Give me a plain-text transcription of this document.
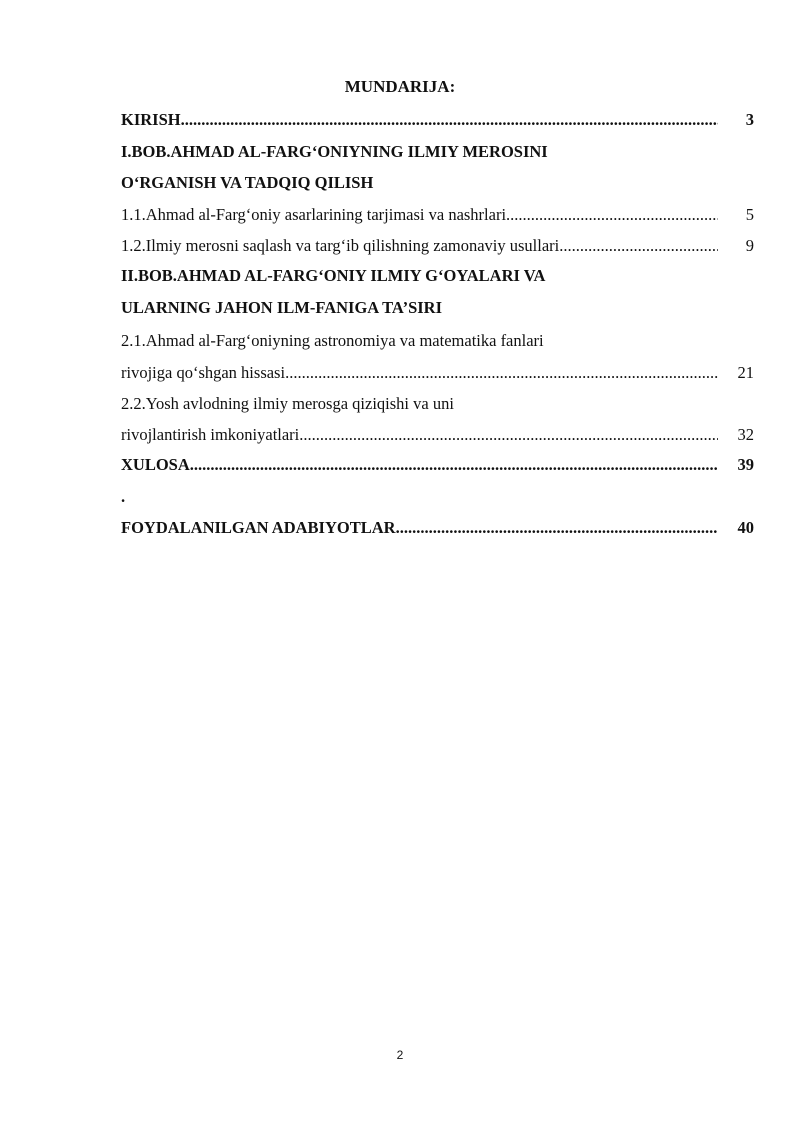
MUNDARIJA:
KIRISH .....	3
I.BOB.AHMAD AL-FARG‘ONIYNING ILMIY MEROSINI
O‘RGANISH VA TADQIQ QILISH
1.1.Ahmad al-Farg‘oniy asarlarining tarjimasi va nashrlari .....	5
1.2.Ilmiy merosni saqlash va targ‘ib qilishning zamonaviy usullari .....	9
II.BOB.AHMAD AL-FARG‘ONIY ILMIY G‘OYALARI VA
ULARNING JAHON ILM-FANIGA TA’SIRI
2.1.Ahmad al-Farg‘oniyning astronomiya va matematika fanlari
rivojiga qo‘shgan hissasi .....	21
2.2.Yosh avlodning ilmiy merosga qiziqishi va uni
rivojlantirish imkoniyatlari .....	32
XULOSA .....	39
.
FOYDALANILGAN ADABIYOTLAR .....	40
2
